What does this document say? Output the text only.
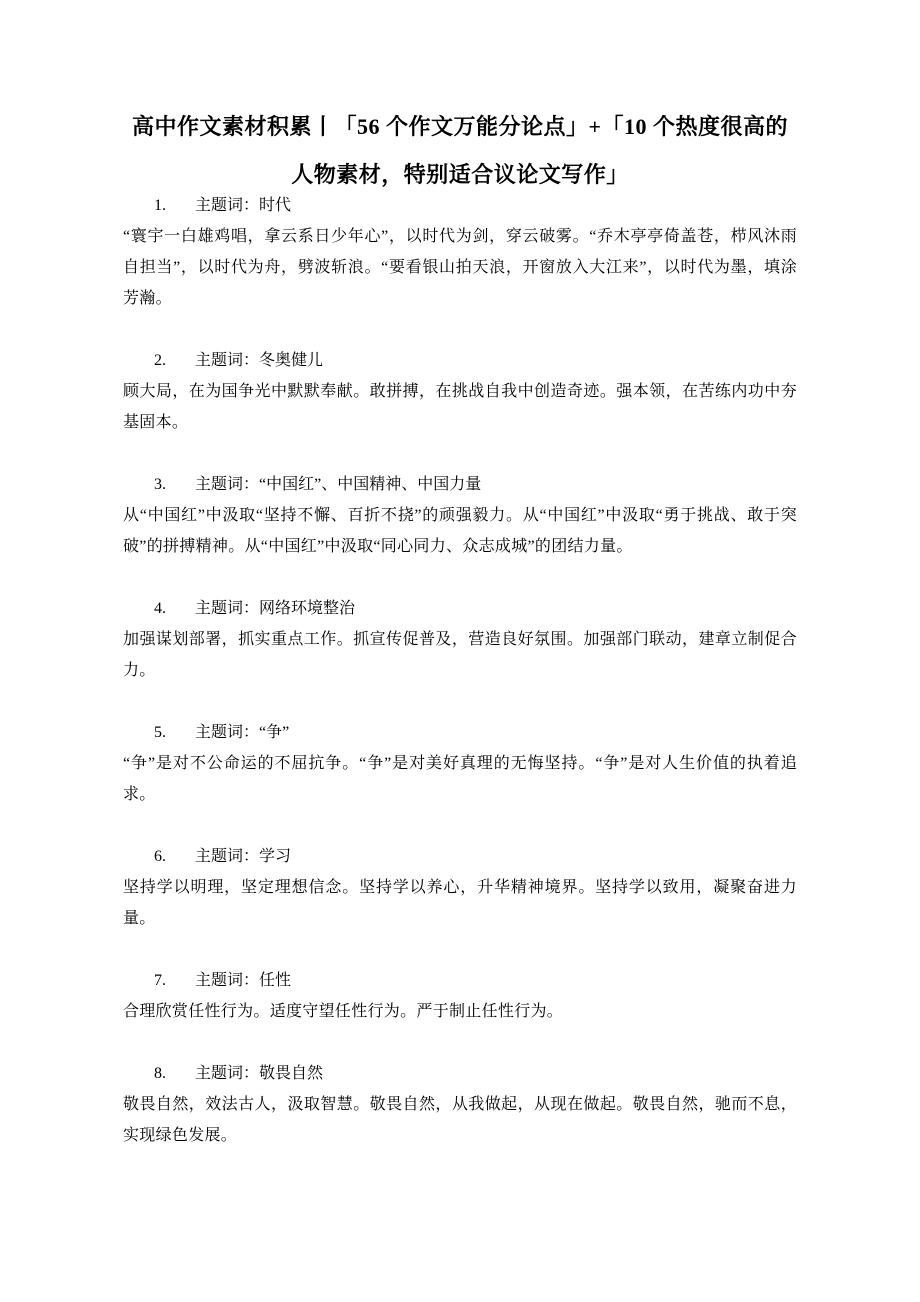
高中作文素材积累丨「56 个作文万能分论点」+「10 个热度很高的人物素材，特别适合议论文写作」
1. 主题词：时代

“寰宇一白雄鸡唱，拿云系日少年心”，以时代为剑，穿云破雾。“乔木亭亭倚盖苍，栉风沐雨自担当”，以时代为舟，劈波斩浪。“要看银山拍天浪，开窗放入大江来”，以时代为墨，填涂芳瀚。

2. 主题词：冬奥健儿

顾大局，在为国争光中默默奉献。敢拼搏，在挑战自我中创造奇迹。强本领，在苦练内功中夯基固本。

3. 主题词：“中国红”、中国精神、中国力量

从“中国红”中汲取“坚持不懈、百折不挠”的顽强毅力。从“中国红”中汲取“勇于挑战、敢于突破”的拼搏精神。从“中国红”中汲取“同心同力、众志成城”的团结力量。

4. 主题词：网络环境整治

加强谋划部署，抓实重点工作。抓宣传促普及，营造良好氛围。加强部门联动，建章立制促合力。

5. 主题词：“争”

“争”是对不公命运的不屈抗争。“争”是对美好真理的无悔坚持。“争”是对人生价值的执着追求。

6. 主题词：学习

坚持学以明理，坚定理想信念。坚持学以养心，升华精神境界。坚持学以致用，凝聚奋进力量。

7. 主题词：任性

合理欣赏任性行为。适度守望任性行为。严于制止任性行为。

8. 主题词：敬畏自然

敬畏自然，效法古人，汲取智慧。敬畏自然，从我做起，从现在做起。敬畏自然，驰而不息，实现绿色发展。
